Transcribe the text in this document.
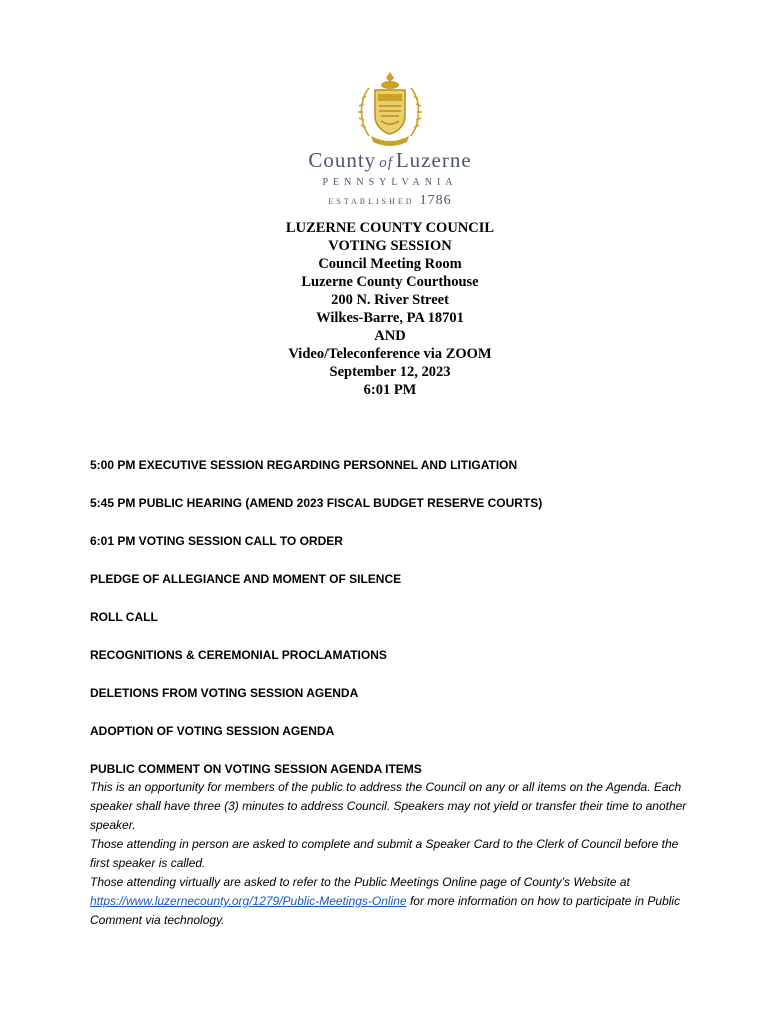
County of Luzerne
PENNSYLVANIA
ESTABLISHED 1786
LUZERNE COUNTY COUNCIL
VOTING SESSION
Council Meeting Room
Luzerne County Courthouse
200 N. River Street
Wilkes-Barre, PA 18701
AND
Video/Teleconference via ZOOM
September 12, 2023
6:01 PM
5:00 PM EXECUTIVE SESSION REGARDING PERSONNEL AND LITIGATION
5:45 PM PUBLIC HEARING (AMEND 2023 FISCAL BUDGET RESERVE COURTS)
6:01 PM VOTING SESSION CALL TO ORDER
PLEDGE OF ALLEGIANCE AND MOMENT OF SILENCE
ROLL CALL
RECOGNITIONS & CEREMONIAL PROCLAMATIONS
DELETIONS FROM VOTING SESSION AGENDA
ADOPTION OF VOTING SESSION AGENDA
PUBLIC COMMENT ON VOTING SESSION AGENDA ITEMS
This is an opportunity for members of the public to address the Council on any or all items on the Agenda. Each speaker shall have three (3) minutes to address Council. Speakers may not yield or transfer their time to another speaker.
Those attending in person are asked to complete and submit a Speaker Card to the Clerk of Council before the first speaker is called.
Those attending virtually are asked to refer to the Public Meetings Online page of County’s Website at https://www.luzernecounty.org/1279/Public-Meetings-Online for more information on how to participate in Public Comment via technology.
